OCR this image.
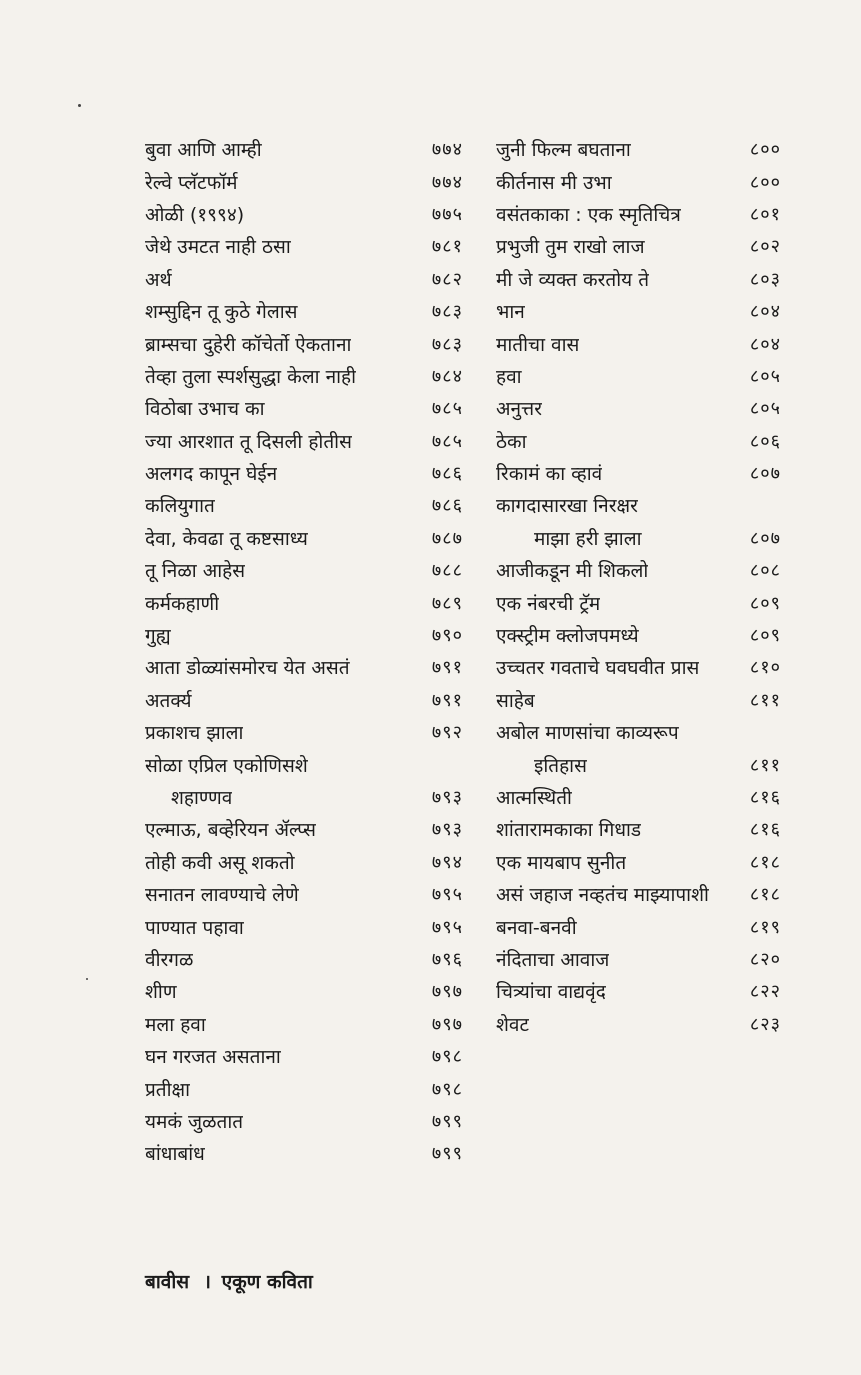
बुवा आणि आम्ही	७७४
रेल्वे प्लॅटफॉर्म	७७४
ओळी (१९९४)	७७५
जेथे उमटत नाही ठसा	७८१
अर्थ	७८२
शम्सुद्दिन तू कुठे गेलास	७८३
ब्राम्सचा दुहेरी कॉचेर्तो ऐकताना	७८३
तेव्हा तुला स्पर्शसुद्धा केला नाही	७८४
विठोबा उभाच का	७८५
ज्या आरशात तू दिसली होतीस	७८५
अलगद कापून घेईन	७८६
कलियुगात	७८६
देवा, केवढा तू कष्टसाध्य	७८७
तू निळा आहेस	७८८
कर्मकहाणी	७८९
गुह्य	७९०
आता डोळ्यांसमोरच येत असतं	७९१
अतर्क्य	७९१
प्रकाशच झाला	७९२
सोळा एप्रिल एकोणिसशे
शहाण्णव	७९३
एल्माऊ, बव्हेरियन ॲल्प्स	७९३
तोही कवी असू शकतो	७९४
सनातन लावण्याचे लेणे	७९५
पाण्यात पहावा	७९५
वीरगळ	७९६
शीण	७९७
मला हवा	७९७
घन गरजत असताना	७९८
प्रतीक्षा	७९८
यमकं जुळतात	७९९
बांधाबांध	७९९
जुनी फिल्म बघताना	८००
कीर्तनास मी उभा	८००
वसंतकाका : एक स्मृतिचित्र	८०१
प्रभुजी तुम राखो लाज	८०२
मी जे व्यक्त करतोय ते	८०३
भान	८०४
मातीचा वास	८०४
हवा	८०५
अनुत्तर	८०५
ठेका	८०६
रिकामं का व्हावं	८०७
कागदासारखा निरक्षर
माझा हरी झाला	८०७
आजीकडून मी शिकलो	८०८
एक नंबरची ट्रॅम	८०९
एक्स्ट्रीम क्लोजपमध्ये	८०९
उच्चतर गवताचे घवघवीत प्रास	८१०
साहेब	८११
अबोल माणसांचा काव्यरूप
इतिहास	८११
आत्मस्थिती	८१६
शांतारामकाका गिधाड	८१६
एक मायबाप सुनीत	८१८
असं जहाज नव्हतंच माझ्यापाशी ८१८
बनवा-बनवी	८१९
नंदिताचा आवाज	८२०
चित्र्यांचा वाद्यवृंद	८२२
शेवट	८२३
बावीस । एकूण कविता
